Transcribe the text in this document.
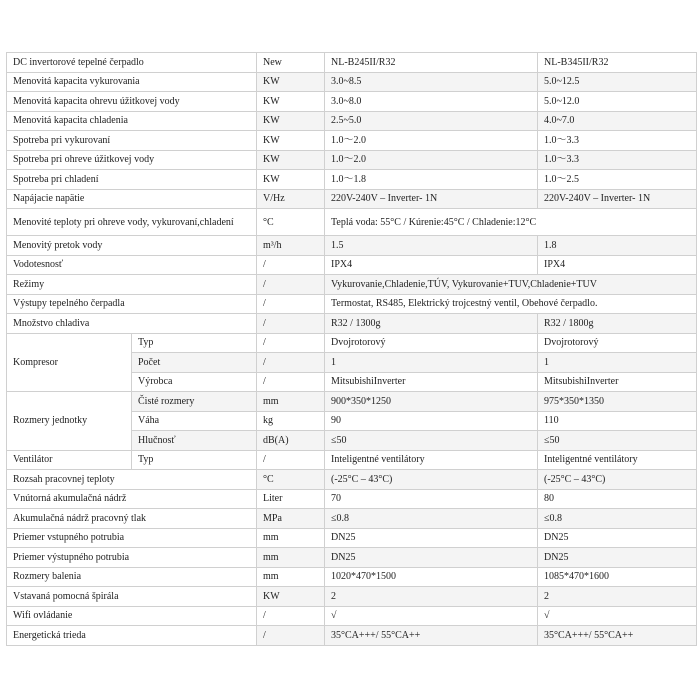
DC invertorové tepelné čerpadlo		New	NL-B245II/R32	NL-B345II/R32
Menovitá kapacita vykurovania		KW	3.0~8.5	5.0~12.5
Menovitá kapacita ohrevu úžitkovej vody		KW	3.0~8.0	5.0~12.0
Menovitá kapacita chladenia		KW	2.5~5.0	4.0~7.0
Spotreba pri vykurovaní		KW	1.0～2.0	1.0～3.3
Spotreba pri ohreve úžitkovej vody		KW	1.0～2.0	1.0～3.3
Spotreba pri chladení		KW	1.0～1.8	1.0～2.5
Napájacie napätie		V/Hz	220V-240V – Inverter- 1N	220V-240V – Inverter- 1N
Menovité teploty pri ohreve vody, vykurovaní,chladení		°C	Teplá voda: 55°C / Kúrenie:45°C / Chladenie:12°C	
Menovitý pretok vody		m³/h	1.5	1.8
Vodotesnosť		/	IPX4	IPX4
Režimy		/	Vykurovanie,Chladenie,TÚV, Vykurovanie+TUV,Chladenie+TUV	
Výstupy tepelného čerpadla		/	Termostat, RS485, Elektrický trojcestný ventil, Obehové čerpadlo.	
Množstvo chladiva		/	R32 / 1300g	R32 / 1800g
Kompresor	Typ	/	Dvojrotorový	Dvojrotorový
	Počet	/	1	1
	Výrobca	/	MitsubishiInverter	MitsubishiInverter
Rozmery jednotky	Čisté rozmery	mm	900*350*1250	975*350*1350
	Váha	kg	90	110
	Hlučnosť	dB(A)	≤50	≤50
Ventilátor	Typ	/	Inteligentné ventilátory	Inteligentné ventilátory
Rozsah pracovnej teploty		°C	(-25°C – 43°C)	(-25°C – 43°C)
Vnútorná akumulačná nádrž		Liter	70	80
Akumulačná nádrž pracovný tlak		MPa	≤0.8	≤0.8
Priemer vstupného potrubia		mm	DN25	DN25
Priemer výstupného potrubia		mm	DN25	DN25
Rozmery balenia		mm	1020*470*1500	1085*470*1600
Vstavaná pomocná špirála		KW	2	2
Wifi ovládanie		/	√	√
Energetická trieda		/	35°CA+++/ 55°CA++	35°CA+++/ 55°CA++
